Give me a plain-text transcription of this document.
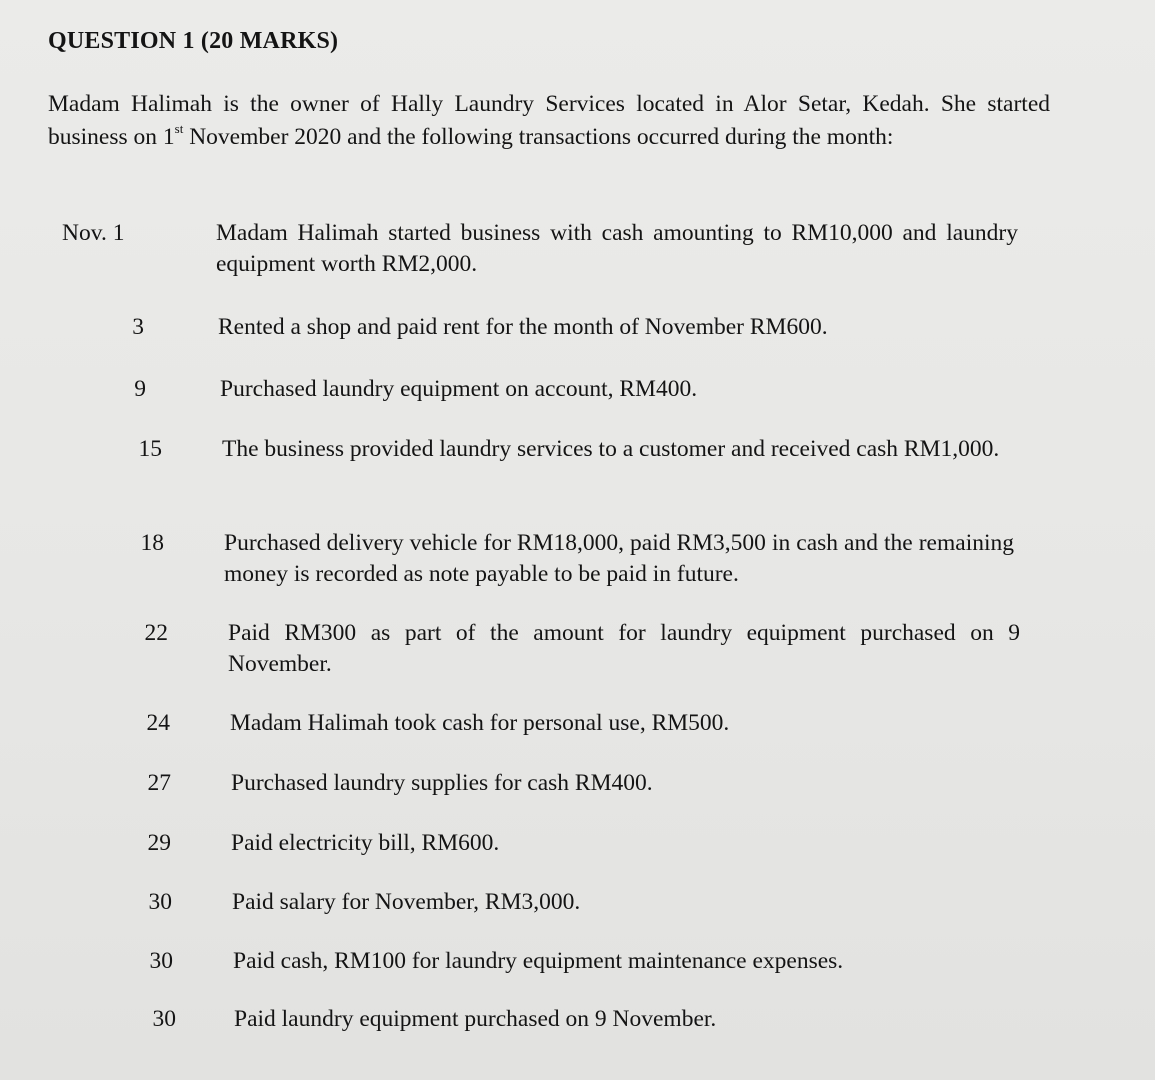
QUESTION 1 (20 MARKS)
Madam Halimah is the owner of Hally Laundry Services located in Alor Setar, Kedah. She started business on 1st November 2020 and the following transactions occurred during the month:
Nov. 1	Madam Halimah started business with cash amounting to RM10,000 and laundry equipment worth RM2,000.
3	Rented a shop and paid rent for the month of November RM600.
9	Purchased laundry equipment on account, RM400.
15	The business provided laundry services to a customer and received cash RM1,000.
18	Purchased delivery vehicle for RM18,000, paid RM3,500 in cash and the remaining money is recorded as note payable to be paid in future.
22	Paid RM300 as part of the amount for laundry equipment purchased on 9 November.
24	Madam Halimah took cash for personal use, RM500.
27	Purchased laundry supplies for cash RM400.
29	Paid electricity bill, RM600.
30	Paid salary for November, RM3,000.
30	Paid cash, RM100 for laundry equipment maintenance expenses.
30 Paid laundry equipment purchased on 9 November.
